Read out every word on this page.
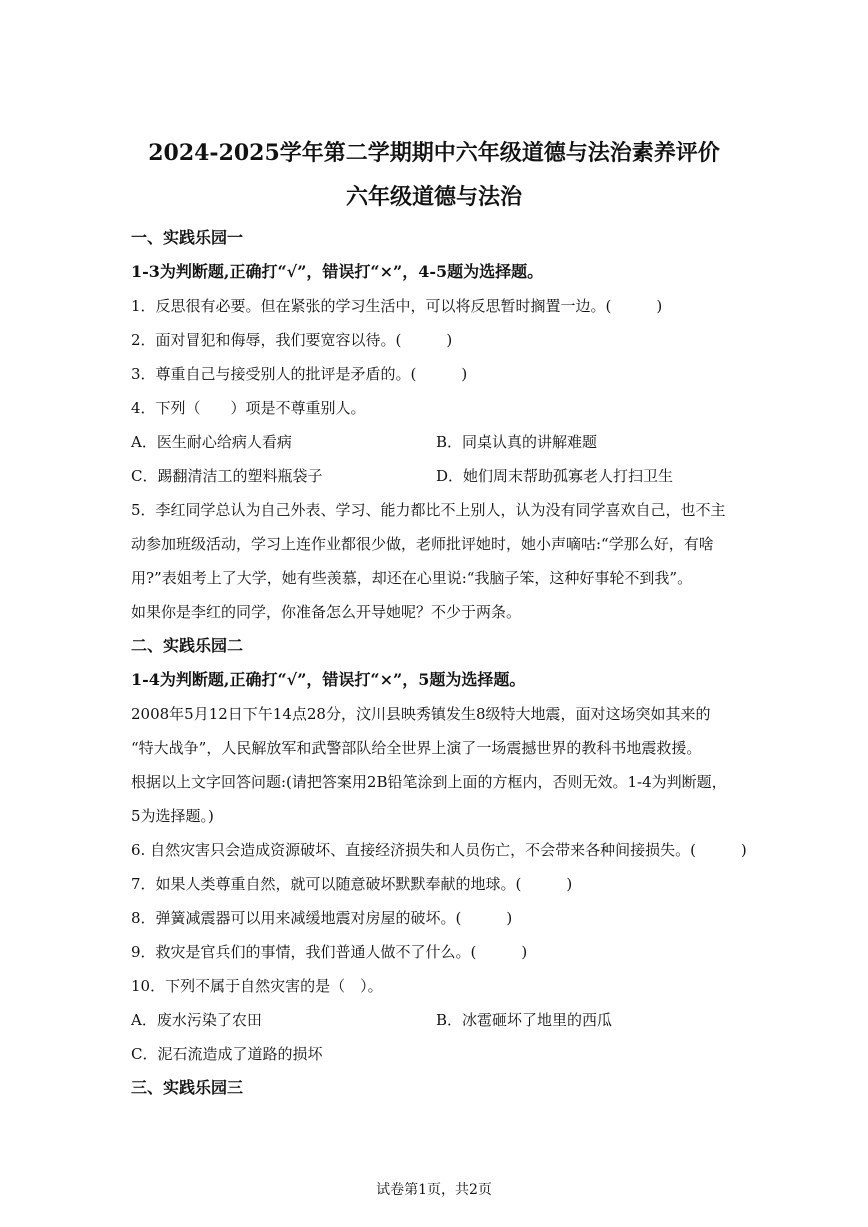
2024-2025学年第二学期期中六年级道德与法治素养评价
六年级道德与法治
一、实践乐园一
1-3为判断题,正确打“√”，错误打“×”，4-5题为选择题。
1．反思很有必要。但在紧张的学习生活中，可以将反思暂时搁置一边。(　　　)
2．面对冒犯和侮辱，我们要宽容以待。(　　　)
3．尊重自己与接受别人的批评是矛盾的。(　　　)
4．下列（　　）项是不尊重别人。
A．医生耐心给病人看病	B．同桌认真的讲解难题
C．踢翻清洁工的塑料瓶袋子	D．她们周末帮助孤寡老人打扫卫生
5．李红同学总认为自己外表、学习、能力都比不上别人，认为没有同学喜欢自己，也不主
动参加班级活动，学习上连作业都很少做，老师批评她时，她小声嘀咕:“学那么好，有啥
用?”表姐考上了大学，她有些羡慕，却还在心里说:“我脑子笨，这种好事轮不到我”。
如果你是李红的同学，你准备怎么开导她呢？不少于两条。
二、实践乐园二
1-4为判断题,正确打“√”，错误打“×”，5题为选择题。
2008年5月12日下午14点28分，汶川县映秀镇发生8级特大地震，面对这场突如其来的
“特大战争”，人民解放军和武警部队给全世界上演了一场震撼世界的教科书地震救援。
根据以上文字回答问题:(请把答案用2B铅笔涂到上面的方框内，否则无效。1-4为判断题，
5为选择题。)
6. 自然灾害只会造成资源破坏、直接经济损失和人员伤亡，不会带来各种间接损失。(　　　)
7．如果人类尊重自然，就可以随意破坏默默奉献的地球。(　　　)
8．弹簧减震器可以用来减缓地震对房屋的破坏。(　　　)
9．救灾是官兵们的事情，我们普通人做不了什么。(　　　)
10．下列不属于自然灾害的是（　）。
A．废水污染了农田	B．冰雹砸坏了地里的西瓜
C．泥石流造成了道路的损坏
三、实践乐园三
试卷第1页，共2页
